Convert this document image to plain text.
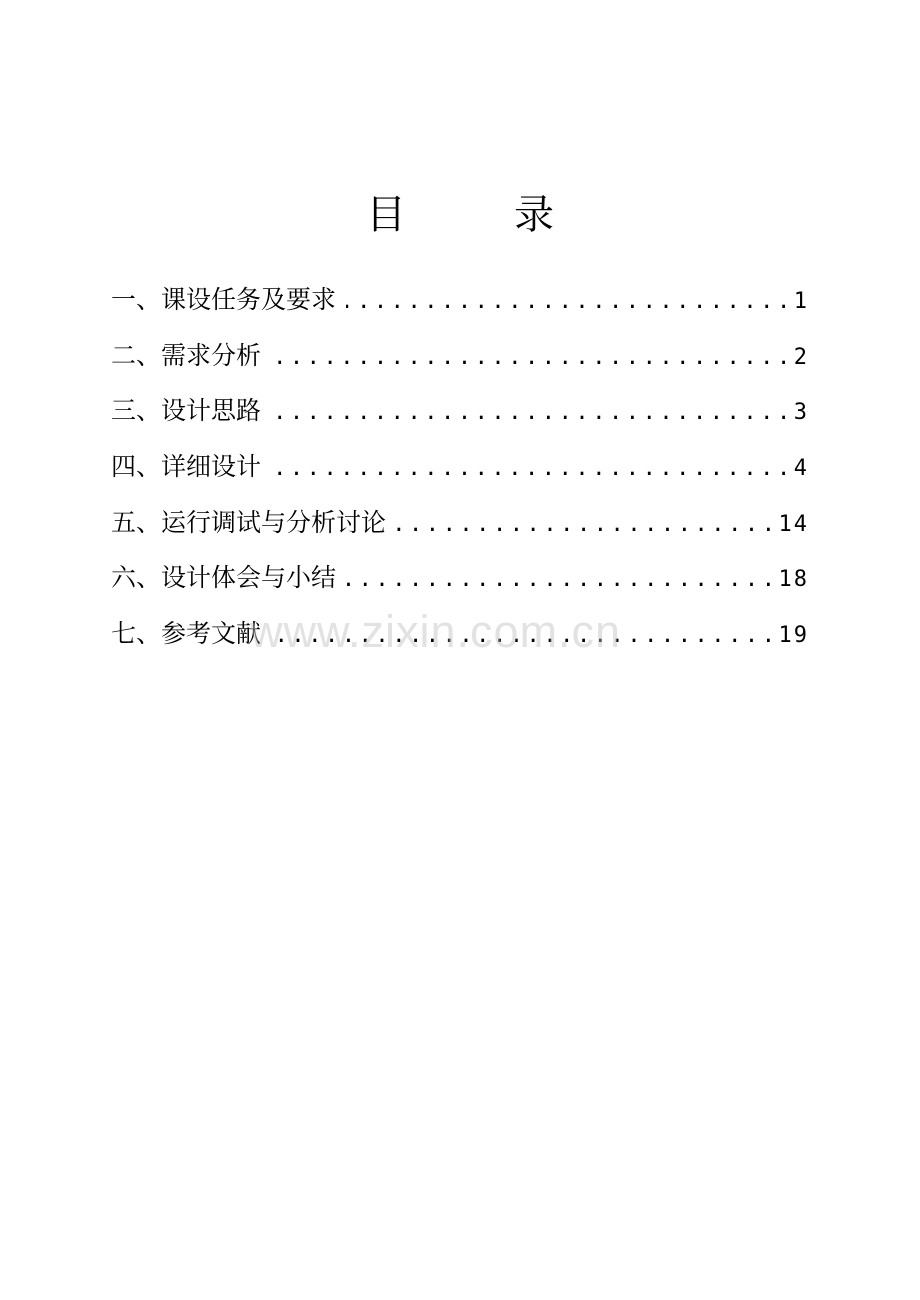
目　录
一、课设任务及要求 .....	1
二、需求分析 .....	2
三、设计思路 .....	3
四、详细设计 .....	4
五、运行调试与分析讨论 .....	14
六、设计体会与小结 .....	18
七、参考文献 .....	19
www.zixin.com.cn
